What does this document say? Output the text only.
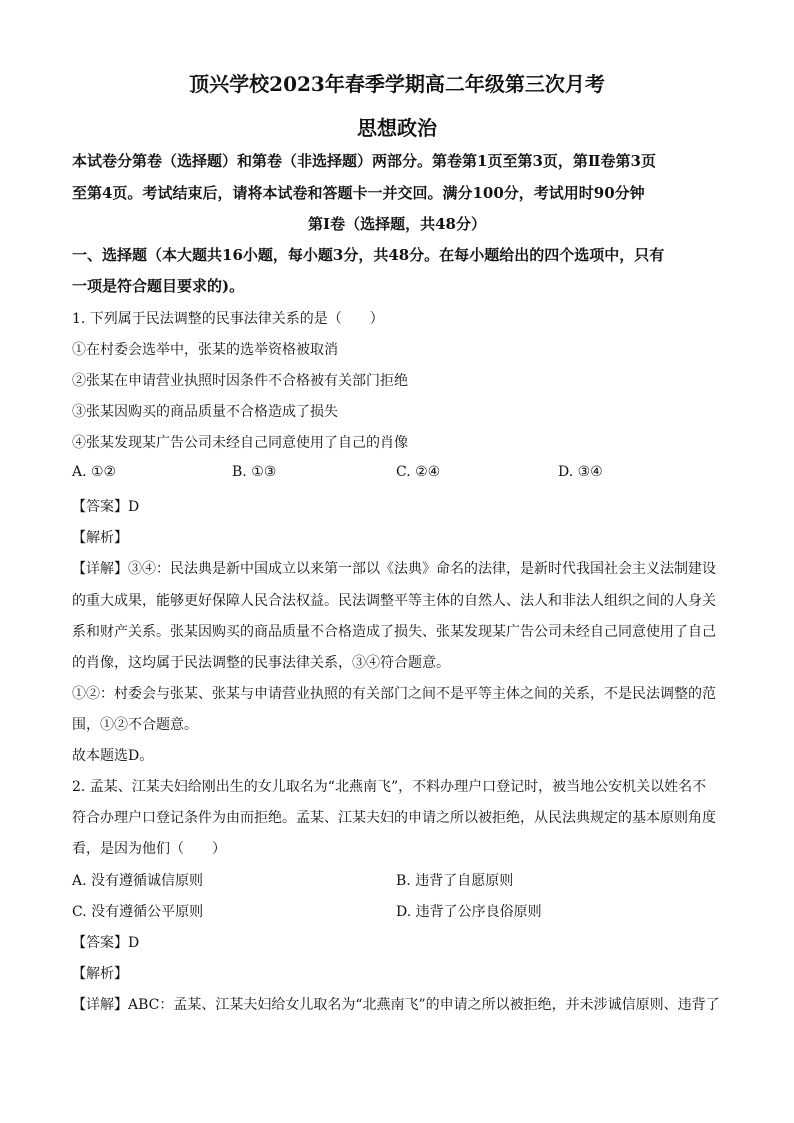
顶兴学校2023年春季学期高二年级第三次月考
思想政治
本试卷分第卷（选择题）和第卷（非选择题）两部分。第卷第1页至第3页，第Ⅱ卷第3页
至第4页。考试结束后，请将本试卷和答题卡一并交回。满分100分，考试用时90分钟
第Ⅰ卷（选择题，共48分）
一、选择题（本大题共16小题，每小题3分，共48分。在每小题给出的四个选项中，只有
一项是符合题目要求的)。
1. 下列属于民法调整的民事法律关系的是（　　）
①在村委会选举中，张某的选举资格被取消
②张某在申请营业执照时因条件不合格被有关部门拒绝
③张某因购买的商品质量不合格造成了损失
④张某发现某广告公司未经自己同意使用了自己的肖像
A. ①②	B. ①③	C. ②④	D. ③④
【答案】D
【解析】
【详解】③④：民法典是新中国成立以来第一部以《法典》命名的法律，是新时代我国社会主义法制建设
的重大成果，能够更好保障人民合法权益。民法调整平等主体的自然人、法人和非法人组织之间的人身关
系和财产关系。张某因购买的商品质量不合格造成了损失、张某发现某广告公司未经自己同意使用了自己
的肖像，这均属于民法调整的民事法律关系，③④符合题意。
①②：村委会与张某、张某与申请营业执照的有关部门之间不是平等主体之间的关系，不是民法调整的范
围，①②不合题意。
故本题选D。
2. 孟某、江某夫妇给刚出生的女儿取名为“北燕南飞”，不料办理户口登记时，被当地公安机关以姓名不
符合办理户口登记条件为由而拒绝。孟某、江某夫妇的申请之所以被拒绝，从民法典规定的基本原则角度
看，是因为他们（　　）
A. 没有遵循诚信原则	B. 违背了自愿原则
C. 没有遵循公平原则	D. 违背了公序良俗原则
【答案】D
【解析】
【详解】ABC：孟某、江某夫妇给女儿取名为“北燕南飞”的申请之所以被拒绝，并未涉诚信原则、违背了
